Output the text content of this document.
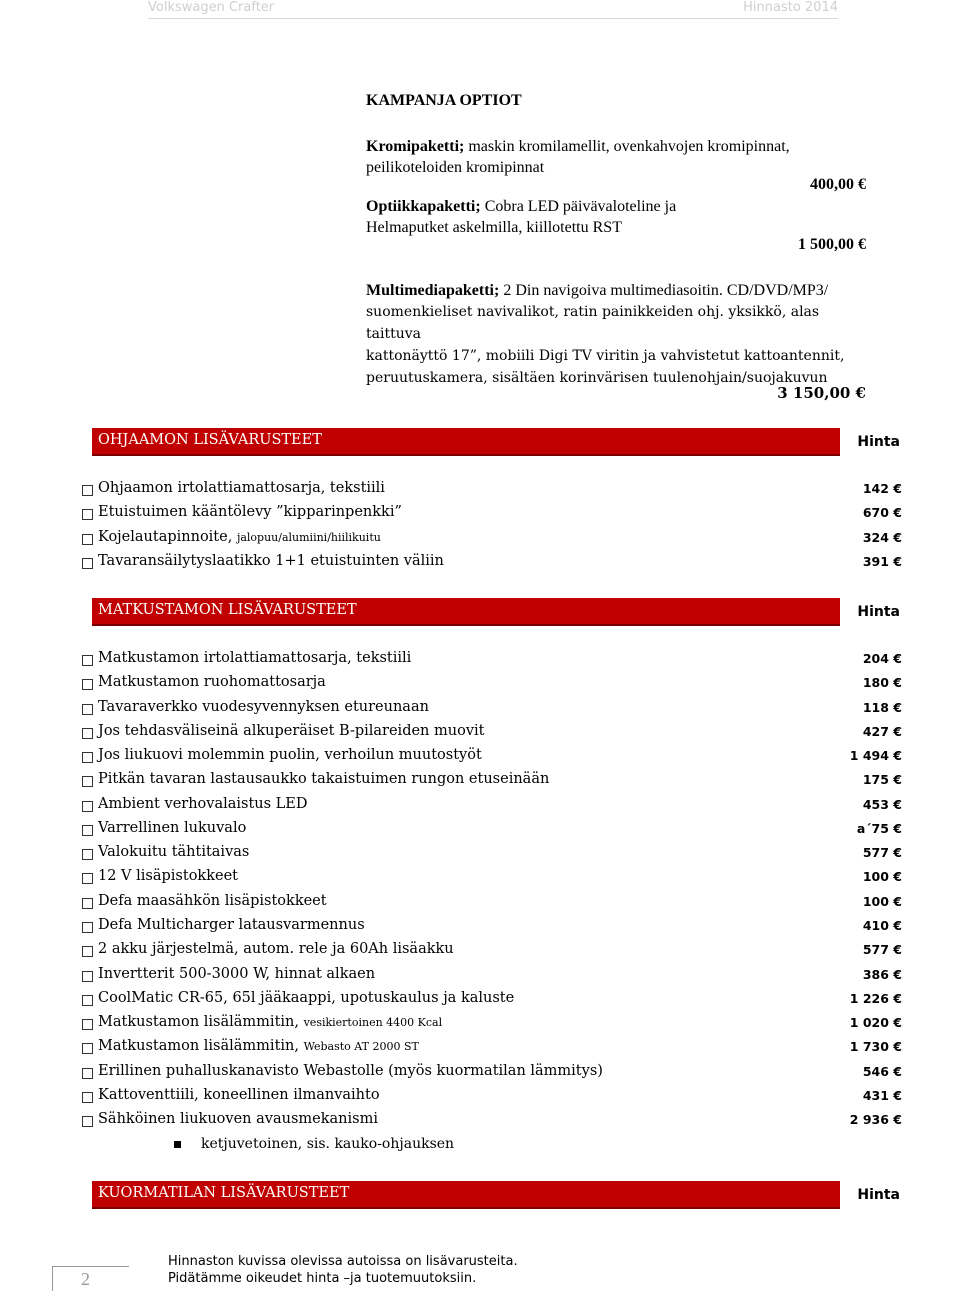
Volkswagen Crafter	Hinnasto 2014
KAMPANJA OPTIOT
Kromipaketti; maskin kromilamellit, ovenkahvojen kromipinnat,
peilikoteloiden kromipinnat
400,00 €
Optiikkapaketti; Cobra LED päivävaloteline ja
Helmaputket askelmilla, kiillotettu RST
1 500,00 €
Multimediapaketti; 2 Din navigoiva multimediasoitin. CD/DVD/MP3/
suomenkieliset navivalikot, ratin painikkeiden ohj. yksikkö, alas taittuva
kattonäyttö 17”, mobiili Digi TV viritin ja vahvistetut kattoantennit,
peruutuskamera, sisältäen korinvärisen tuulenohjain/suojakuvun
3 150,00 €
OHJAAMON LISÄVARUSTEET	Hinta
Ohjaamon irtolattiamattosarja, tekstiili	142 €
Etuistuimen kääntölevy ”kipparinpenkki”	670 €
Kojelautapinnoite, jalopuu/alumiini/hiilikuitu	324 €
Tavaransäilytyslaatikko 1+1 etuistuinten väliin	391 €
MATKUSTAMON LISÄVARUSTEET	Hinta
Matkustamon irtolattiamattosarja, tekstiili	204 €
Matkustamon ruohomattosarja	180 €
Tavaraverkko vuodesyvennyksen etureunaan	118 €
Jos tehdasväliseinä alkuperäiset B-pilareiden muovit	427 €
Jos liukuovi molemmin puolin, verhoilun muutostyöt	1 494 €
Pitkän tavaran lastausaukko takaistuimen rungon etuseinään	175 €
Ambient verhovalaistus LED	453 €
Varrellinen lukuvalo	a´75 €
Valokuitu tähtitaivas	577 €
12 V lisäpistokkeet	100 €
Defa maasähkön lisäpistokkeet	100 €
Defa Multicharger latausvarmennus	410 €
2 akku järjestelmä, autom. rele ja 60Ah lisäakku	577 €
Invertterit 500-3000 W, hinnat alkaen	386 €
CoolMatic CR-65, 65l jääkaappi, upotuskaulus ja kaluste	1 226 €
Matkustamon lisälämmitin, vesikiertoinen 4400 Kcal	1 020 €
Matkustamon lisälämmitin, Webasto AT 2000 ST	1 730 €
Erillinen puhalluskanavisto Webastolle (myös kuormatilan lämmitys)	546 €
Kattoventtiili, koneellinen ilmanvaihto	431 €
Sähköinen liukuoven avausmekanismi	2 936 €
ketjuvetoinen, sis. kauko-ohjauksen
KUORMATILAN LISÄVARUSTEET	Hinta
2
Hinnaston kuvissa olevissa autoissa on lisävarusteita.
Pidätämme oikeudet hinta –ja tuotemuutoksiin.
